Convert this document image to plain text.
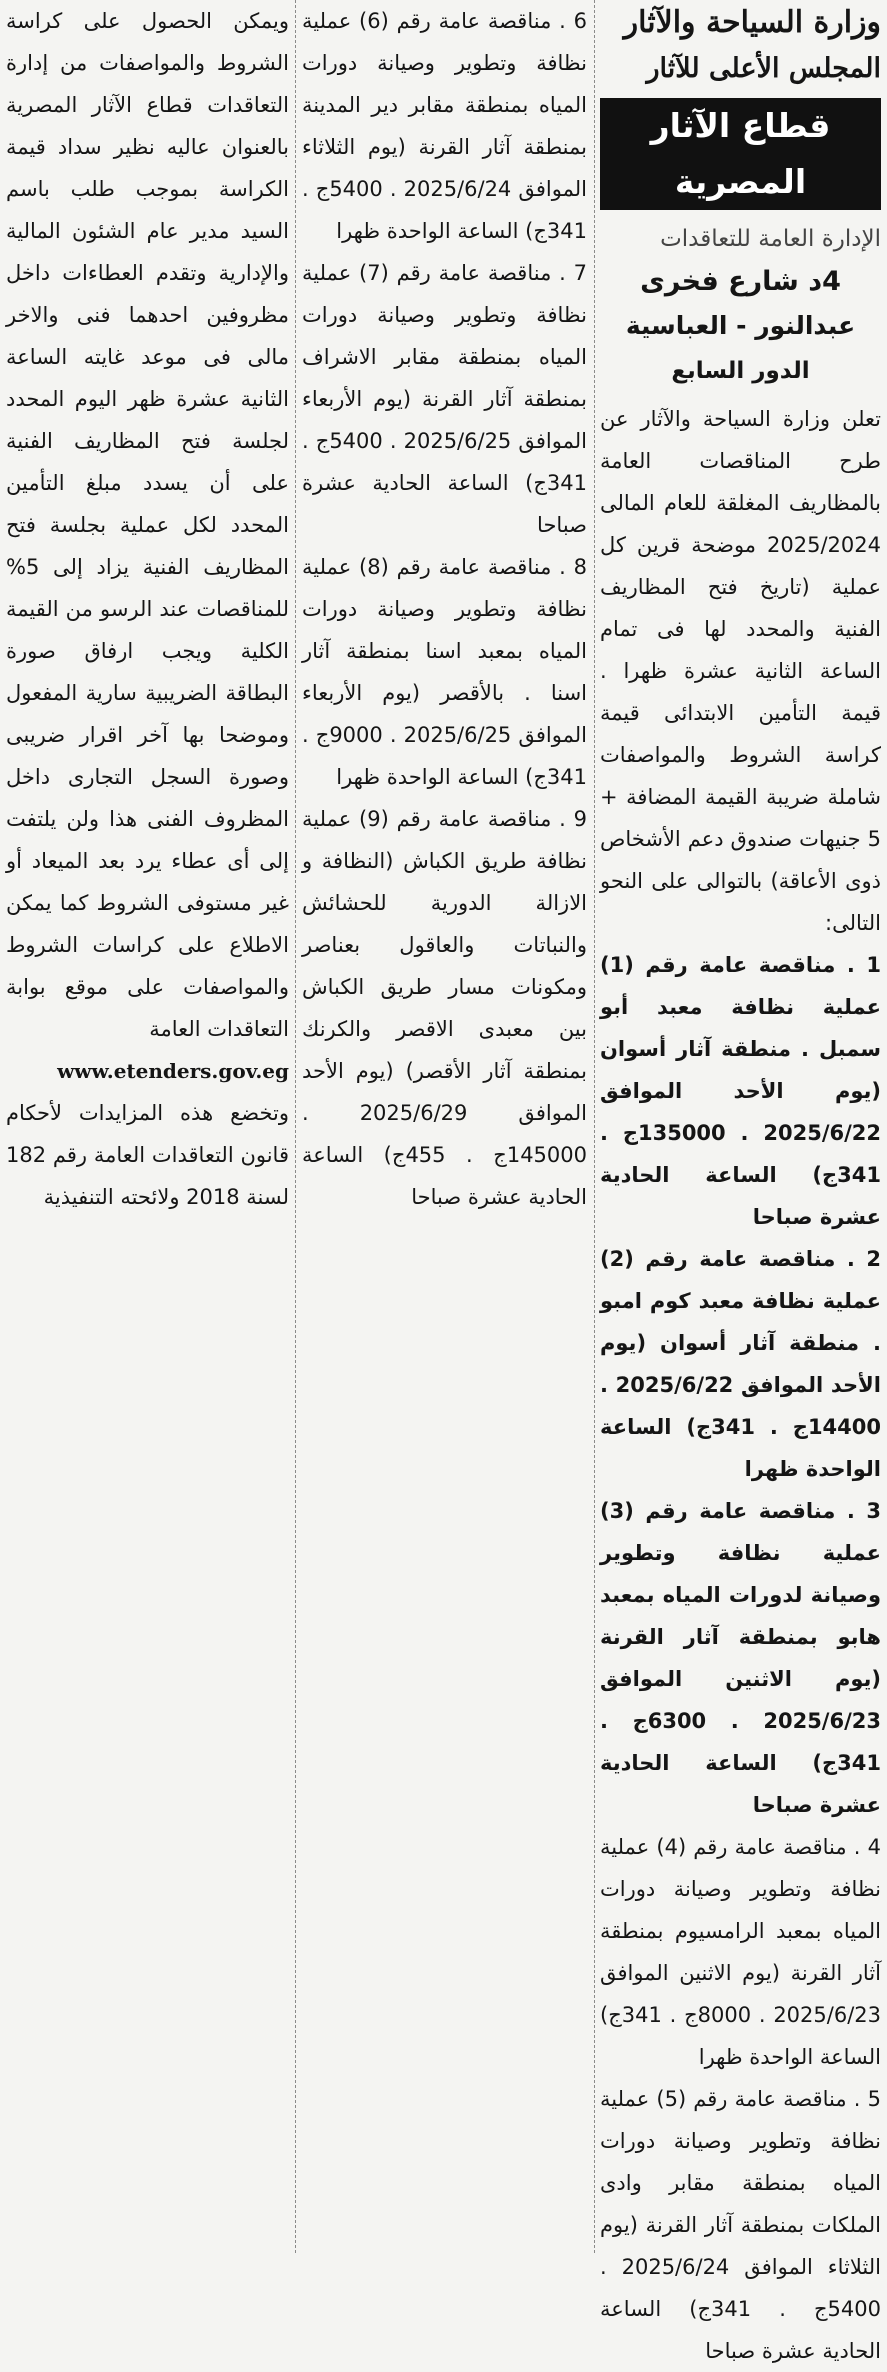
وزارة السياحة والآثار
المجلس الأعلى للآثار
قطاع الآثار المصرية
الإدارة العامة للتعاقدات
4د شارع فخرى
عبدالنور - العباسية
الدور السابع

تعلن وزارة السياحة والآثار عن طرح المناقصات العامة بالمظاريف المغلقة للعام المالى 2025/2024 موضحة قرين كل عملية (تاريخ فتح المظاريف الفنية والمحدد لها فى تمام الساعة الثانية عشرة ظهرا . قيمة التأمين الابتدائى قيمة كراسة الشروط والمواصفات شاملة ضريبة القيمة المضافة + 5 جنيهات صندوق دعم الأشخاص ذوى الأعاقة) بالتوالى على النحو التالى:

1 . مناقصة عامة رقم (1) عملية نظافة معبد أبو سمبل . منطقة آثار أسوان (يوم الأحد الموافق 2025/6/22 . 135000ج . 341ج) الساعة الحادية عشرة صباحا

2 . مناقصة عامة رقم (2) عملية نظافة معبد كوم امبو . منطقة آثار أسوان (يوم الأحد الموافق 2025/6/22 . 14400ج . 341ج) الساعة الواحدة ظهرا

3 . مناقصة عامة رقم (3) عملية نظافة وتطوير وصيانة لدورات المياه بمعبد هابو بمنطقة آثار القرنة (يوم الاثنين الموافق 2025/6/23 . 6300ج . 341ج) الساعة الحادية عشرة صباحا

4 . مناقصة عامة رقم (4) عملية نظافة وتطوير وصيانة دورات المياه بمعبد الرامسيوم بمنطقة آثار القرنة (يوم الاثنين الموافق 2025/6/23 . 8000ج . 341ج) الساعة الواحدة ظهرا

5 . مناقصة عامة رقم (5) عملية نظافة وتطوير وصيانة دورات المياه بمنطقة مقابر وادى الملكات بمنطقة آثار القرنة (يوم الثلاثاء الموافق 2025/6/24 . 5400ج . 341ج) الساعة الحادية عشرة صباحا

6 . مناقصة عامة رقم (6) عملية نظافة وتطوير وصيانة دورات المياه بمنطقة مقابر دير المدينة بمنطقة آثار القرنة (يوم الثلاثاء الموافق 2025/6/24 . 5400ج . 341ج) الساعة الواحدة ظهرا

7 . مناقصة عامة رقم (7) عملية نظافة وتطوير وصيانة دورات المياه بمنطقة مقابر الاشراف بمنطقة آثار القرنة (يوم الأربعاء الموافق 2025/6/25 . 5400ج . 341ج) الساعة الحادية عشرة صباحا

8 . مناقصة عامة رقم (8) عملية نظافة وتطوير وصيانة دورات المياه بمعبد اسنا بمنطقة آثار اسنا . بالأقصر (يوم الأربعاء الموافق 2025/6/25 . 9000ج . 341ج) الساعة الواحدة ظهرا

9 . مناقصة عامة رقم (9) عملية نظافة طريق الكباش (النظافة و الازالة الدورية للحشائش والنباتات والعاقول بعناصر ومكونات مسار طريق الكباش بين معبدى الاقصر والكرنك بمنطقة آثار الأقصر) (يوم الأحد الموافق 2025/6/29 . 145000ج . 455ج) الساعة الحادية عشرة صباحا

ويمكن الحصول على كراسة الشروط والمواصفات من إدارة التعاقدات قطاع الآثار المصرية بالعنوان عاليه نظير سداد قيمة الكراسة بموجب طلب باسم السيد مدير عام الشئون المالية والإدارية وتقدم العطاءات داخل مظروفين احدهما فنى والاخر مالى فى موعد غايته الساعة الثانية عشرة ظهر اليوم المحدد لجلسة فتح المظاريف الفنية على أن يسدد مبلغ التأمين المحدد لكل عملية بجلسة فتح المظاريف الفنية يزاد إلى 5% للمناقصات عند الرسو من القيمة الكلية ويجب ارفاق صورة البطاقة الضريبية سارية المفعول وموضحا بها آخر اقرار ضريبى وصورة السجل التجارى داخل المظروف الفنى هذا ولن يلتفت إلى أى عطاء يرد بعد الميعاد أو غير مستوفى الشروط كما يمكن الاطلاع على كراسات الشروط والمواصفات على موقع بوابة التعاقدات العامة

www.etenders.gov.eg

وتخضع هذه المزايدات لأحكام قانون التعاقدات العامة رقم 182 لسنة 2018 ولائحته التنفيذية
